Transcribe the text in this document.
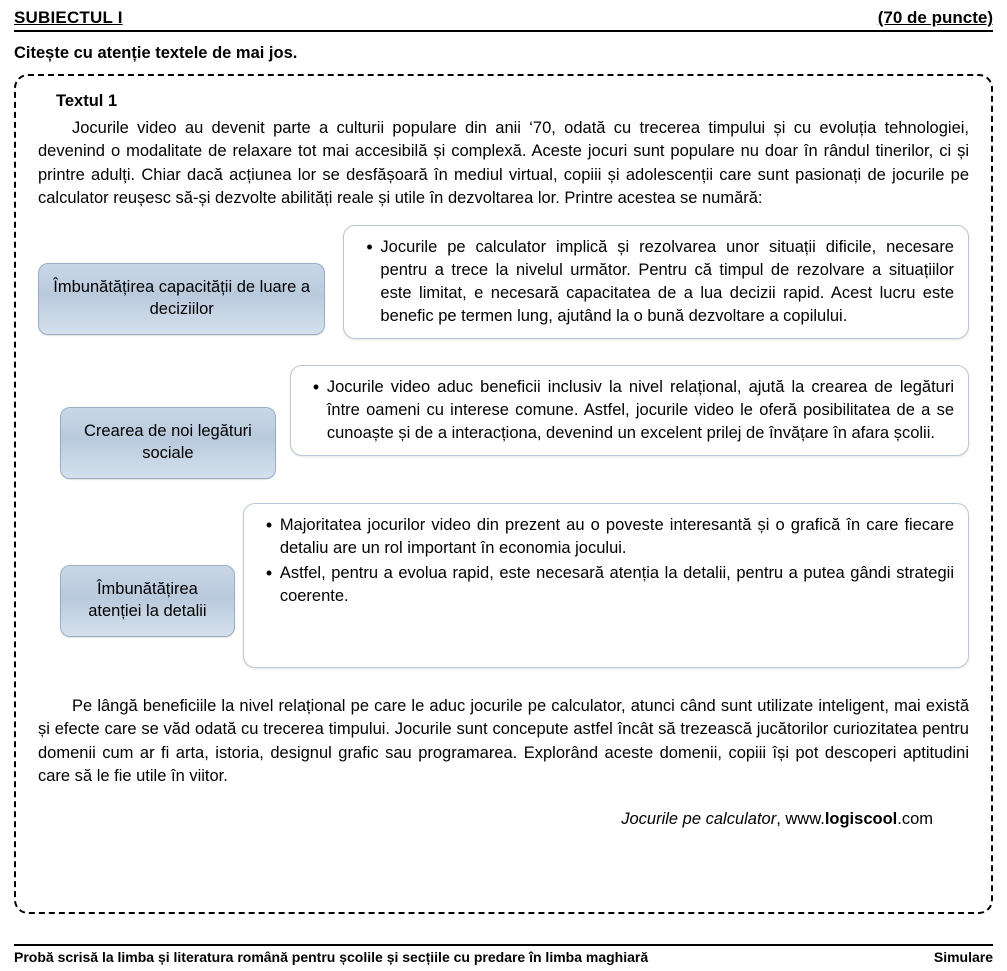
SUBIECTUL I	(70 de puncte)
Citește cu atenție textele de mai jos.
Textul 1

Jocurile video au devenit parte a culturii populare din anii ‘70, odată cu trecerea timpului și cu evoluția tehnologiei, devenind o modalitate de relaxare tot mai accesibilă și complexă. Aceste jocuri sunt populare nu doar în rândul tinerilor, ci și printre adulți. Chiar dacă acțiunea lor se desfășoară în mediul virtual, copiii și adolescenții care sunt pasionați de jocurile pe calculator reușesc să-și dezvolte abilități reale și utile în dezvoltarea lor. Printre acestea se numără:

Îmbunătățirea capacității de luare a deciziilor
• Jocurile pe calculator implică și rezolvarea unor situații dificile, necesare pentru a trece la nivelul următor. Pentru că timpul de rezolvare a situațiilor este limitat, e necesară capacitatea de a lua decizii rapid. Acest lucru este benefic pe termen lung, ajutând la o bună dezvoltare a copilului.
Crearea de noi legături sociale
• Jocurile video aduc beneficii inclusiv la nivel relațional, ajută la crearea de legături între oameni cu interese comune. Astfel, jocurile video le oferă posibilitatea de a se cunoaște și de a interacționa, devenind un excelent prilej de învățare în afara școlii.
Îmbunătățirea atenției la detalii
• Majoritatea jocurilor video din prezent au o poveste interesantă și o grafică în care fiecare detaliu are un rol important în economia jocului.
• Astfel, pentru a evolua rapid, este necesară atenția la detalii, pentru a putea gândi strategii coerente.

Pe lângă beneficiile la nivel relațional pe care le aduc jocurile pe calculator, atunci când sunt utilizate inteligent, mai există și efecte care se văd odată cu trecerea timpului. Jocurile sunt concepute astfel încât să trezească jucătorilor curiozitatea pentru domenii cum ar fi arta, istoria, designul grafic sau programarea. Explorând aceste domenii, copiii își pot descoperi aptitudini care să le fie utile în viitor.

Jocurile pe calculator, www.logiscool.com
Probă scrisă la limba și literatura română pentru școlile și secțiile cu predare în limba maghiară	Simulare
